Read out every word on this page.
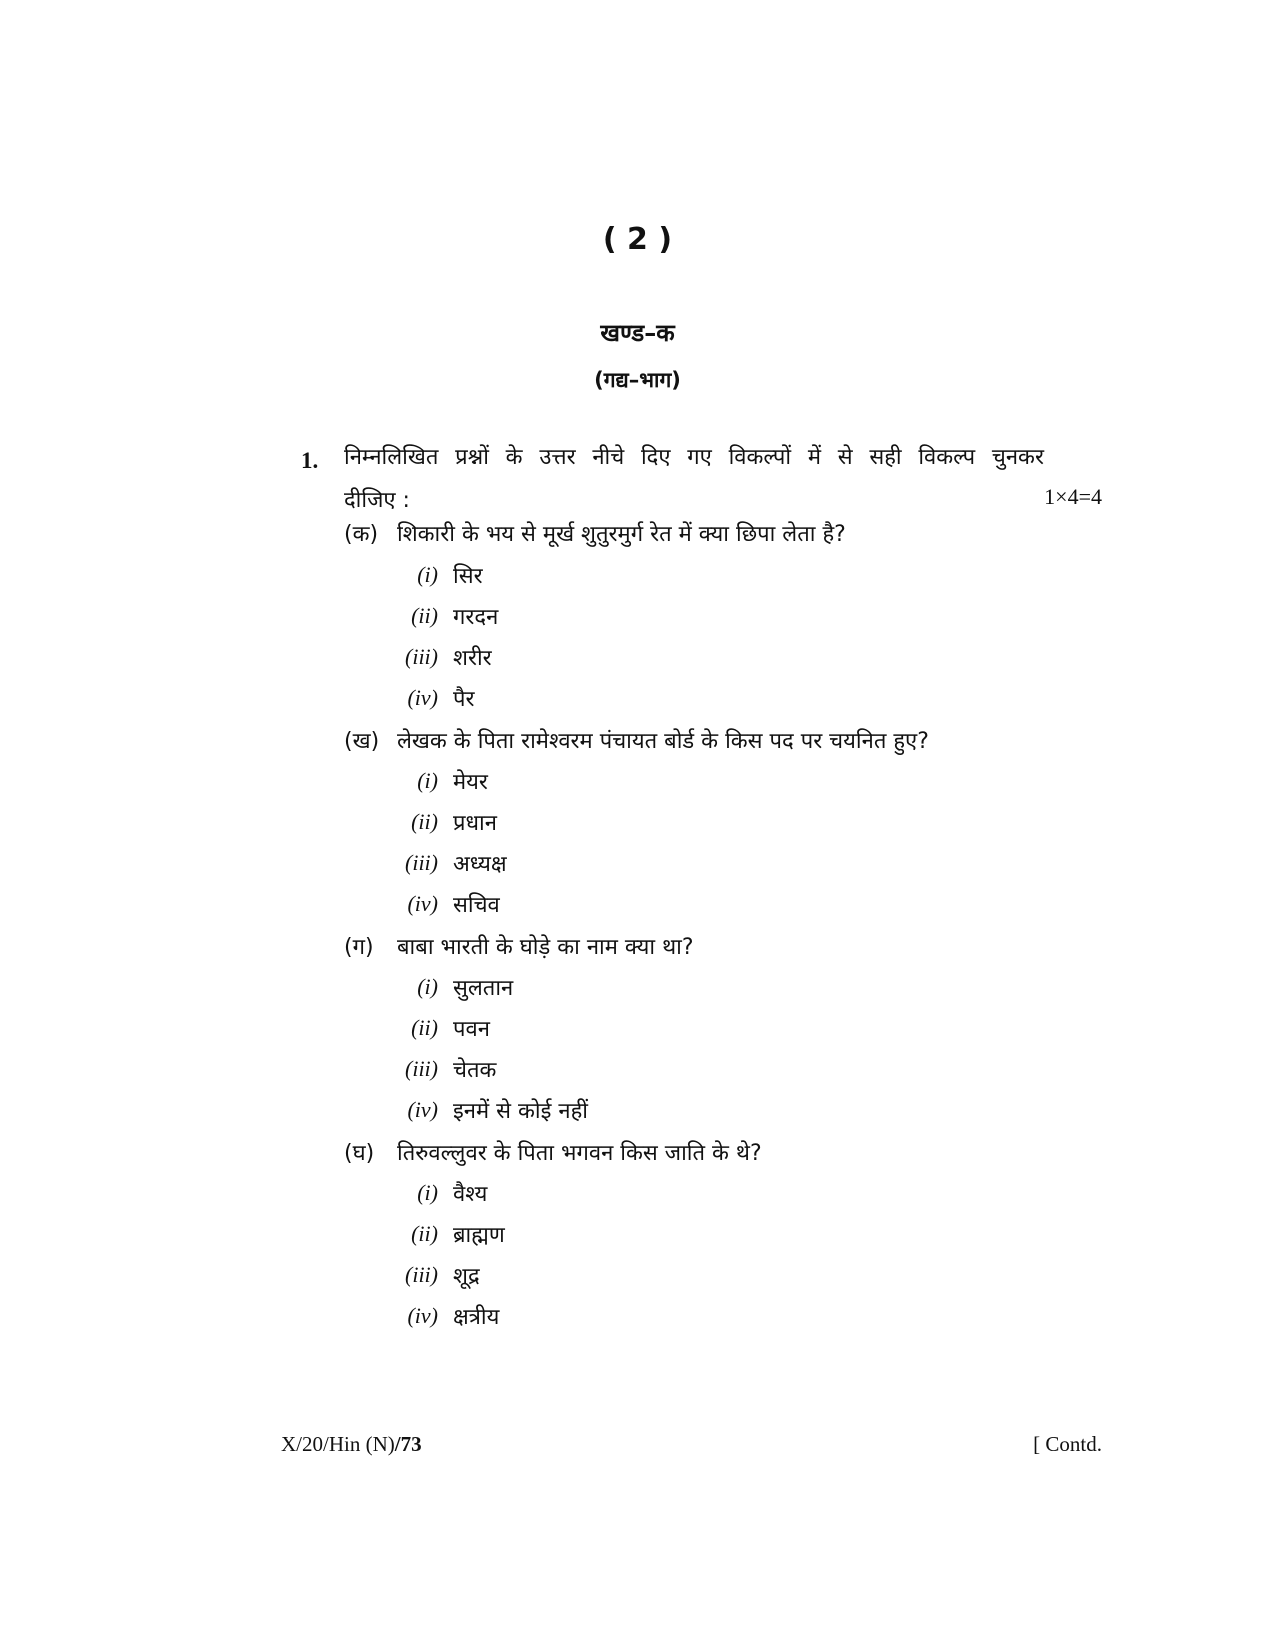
( 2 )
खण्ड–क
(गद्य–भाग)
1. निम्नलिखित प्रश्नों के उत्तर नीचे दिए गए विकल्पों में से सही विकल्प चुनकर
दीजिए :	1×4=4
(क) शिकारी के भय से मूर्ख शुतुरमुर्ग रेत में क्या छिपा लेता है?
(i) सिर
(ii) गरदन
(iii) शरीर
(iv) पैर
(ख) लेखक के पिता रामेश्वरम पंचायत बोर्ड के किस पद पर चयनित हुए?
(i) मेयर
(ii) प्रधान
(iii) अध्यक्ष
(iv) सचिव
(ग) बाबा भारती के घोड़े का नाम क्या था?
(i) सुलतान
(ii) पवन
(iii) चेतक
(iv) इनमें से कोई नहीं
(घ) तिरुवल्लुवर के पिता भगवन किस जाति के थे?
(i) वैश्य
(ii) ब्राह्मण
(iii) शूद्र
(iv) क्षत्रीय
X/20/Hin (N)/73	[ Contd.
